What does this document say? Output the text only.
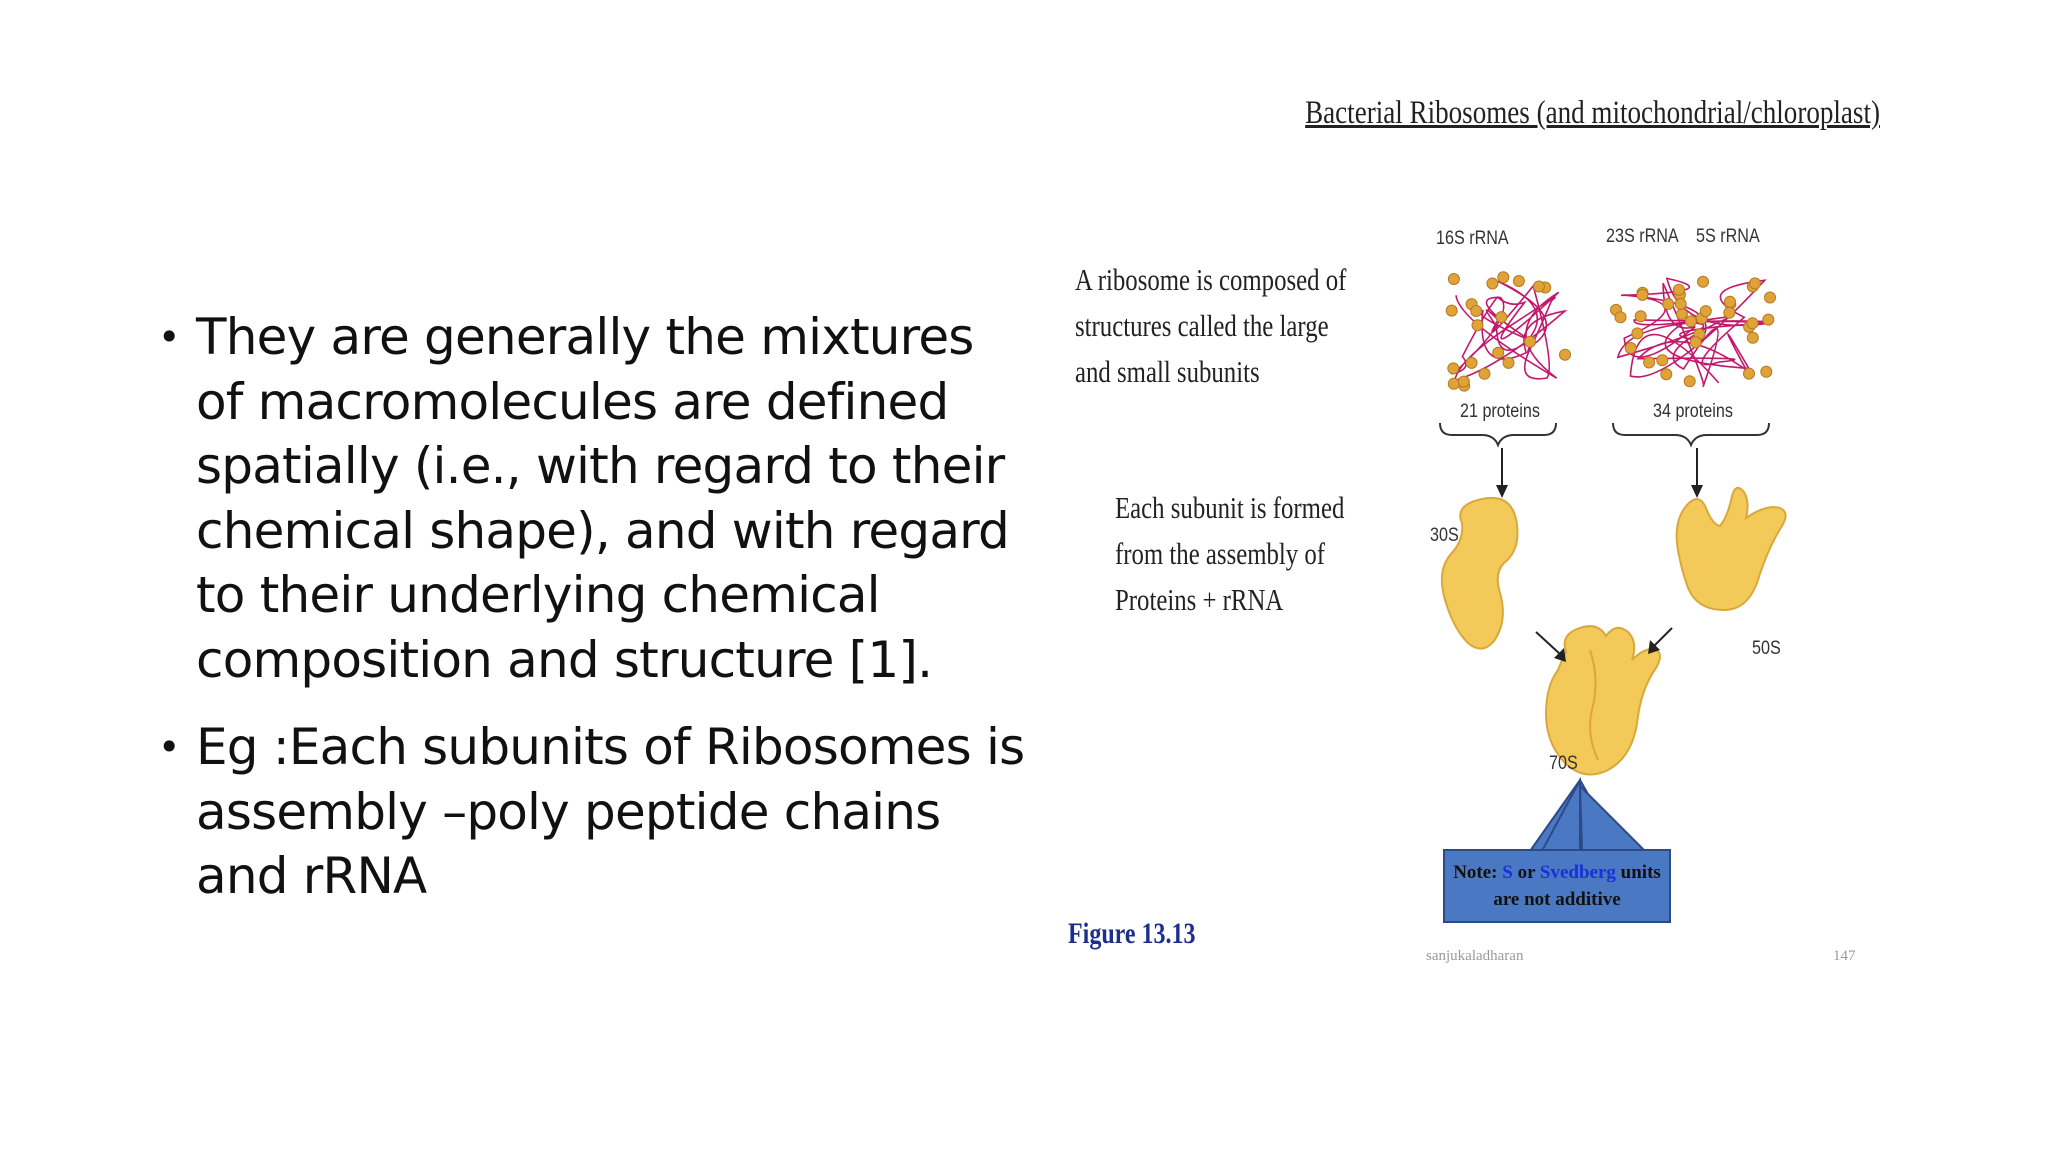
• They are generally the mixtures of macromolecules are defined spatially (i.e., with regard to their chemical shape), and with regard to their underlying chemical composition and structure [1].
• Eg :Each subunits of Ribosomes is assembly –poly peptide chains and rRNA
Bacterial Ribosomes (and mitochondrial/chloroplast)
A ribosome is composed of
structures called the large
and small subunits
Each subunit is formed
from the assembly of
Proteins + rRNA
16S rRNA	23S rRNA 5S rRNA
21 proteins	34 proteins
30S
50S
70S
Note: S or Svedberg units
are not additive
Figure 13.13
sanjukaladharan	147
